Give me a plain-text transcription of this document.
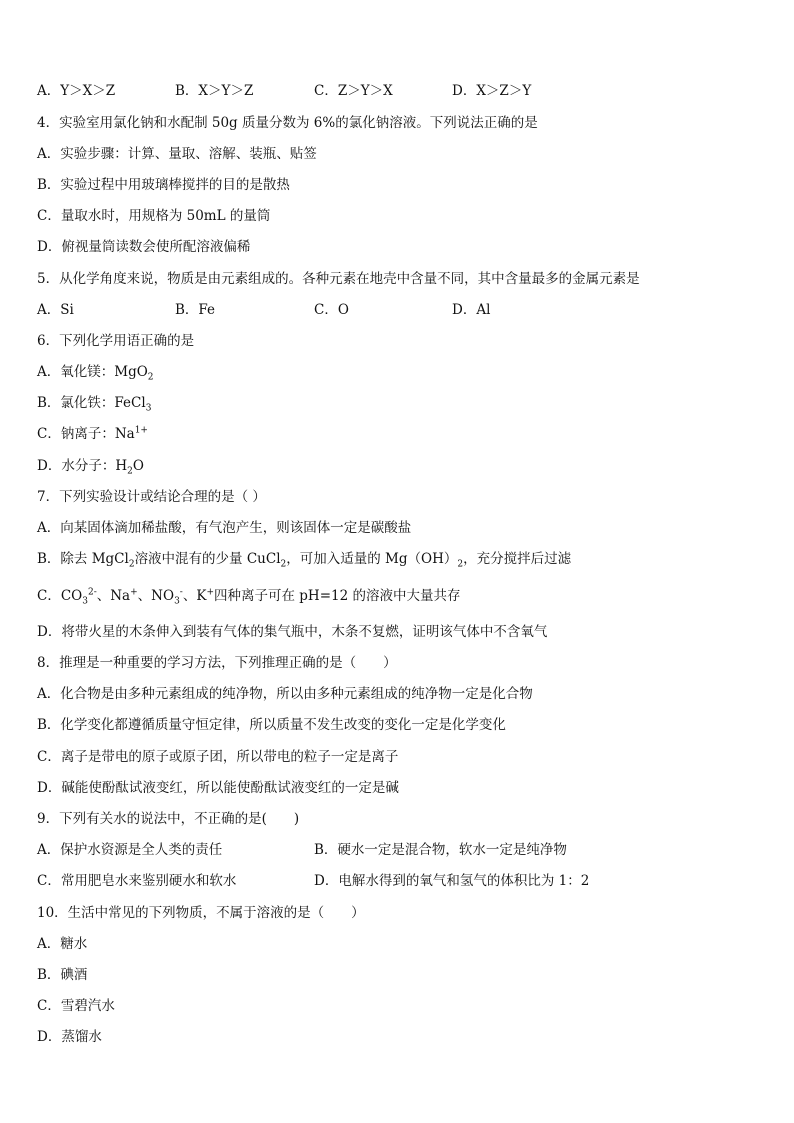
A．Y＞X＞Z	B．X＞Y＞Z	C．Z＞Y＞X	D．X＞Z＞Y
4．实验室用氯化钠和水配制 50g 质量分数为 6%的氯化钠溶液。下列说法正确的是
A．实验步骤：计算、量取、溶解、装瓶、贴签
B．实验过程中用玻璃棒搅拌的目的是散热
C．量取水时，用规格为 50mL 的量筒
D．俯视量筒读数会使所配溶液偏稀
5．从化学角度来说，物质是由元素组成的。各种元素在地壳中含量不同，其中含量最多的金属元素是
A．Si	B．Fe	C．O	D．Al
6．下列化学用语正确的是
A．氧化镁：MgO$_2$
B．氯化铁：FeCl$_3$
C．钠离子：$Na^{1+}$
D．水分子：$H_2O$
7．下列实验设计或结论合理的是（ ）
A．向某固体滴加稀盐酸，有气泡产生，则该固体一定是碳酸盐
B．除去 MgCl$_2$溶液中混有的少量 CuCl$_2$，可加入适量的 $Mg(OH)_2$，充分搅拌后过滤
C．$CO_3^{2-}$、Na+、$NO_3^-$、K+四种离子可在 pH=12 的溶液中大量共存
D．将带火星的木条伸入到装有气体的集气瓶中，木条不复燃，证明该气体中不含氧气
8．推理是一种重要的学习方法，下列推理正确的是（　　）
A．化合物是由多种元素组成的纯净物，所以由多种元素组成的纯净物一定是化合物
B．化学变化都遵循质量守恒定律，所以质量不发生改变的变化一定是化学变化
C．离子是带电的原子或原子团，所以带电的粒子一定是离子
D．碱能使酚酞试液变红，所以能使酚酞试液变红的一定是碱
9．下列有关水的说法中，不正确的是(　　)
A．保护水资源是全人类的责任	B．硬水一定是混合物，软水一定是纯净物
C．常用肥皂水来鉴别硬水和软水	D．电解水得到的氧气和氢气的体积比为 1：2
10．生活中常见的下列物质，不属于溶液的是（　　）
A．糖水
B．碘酒
C．雪碧汽水
D．蒸馏水
